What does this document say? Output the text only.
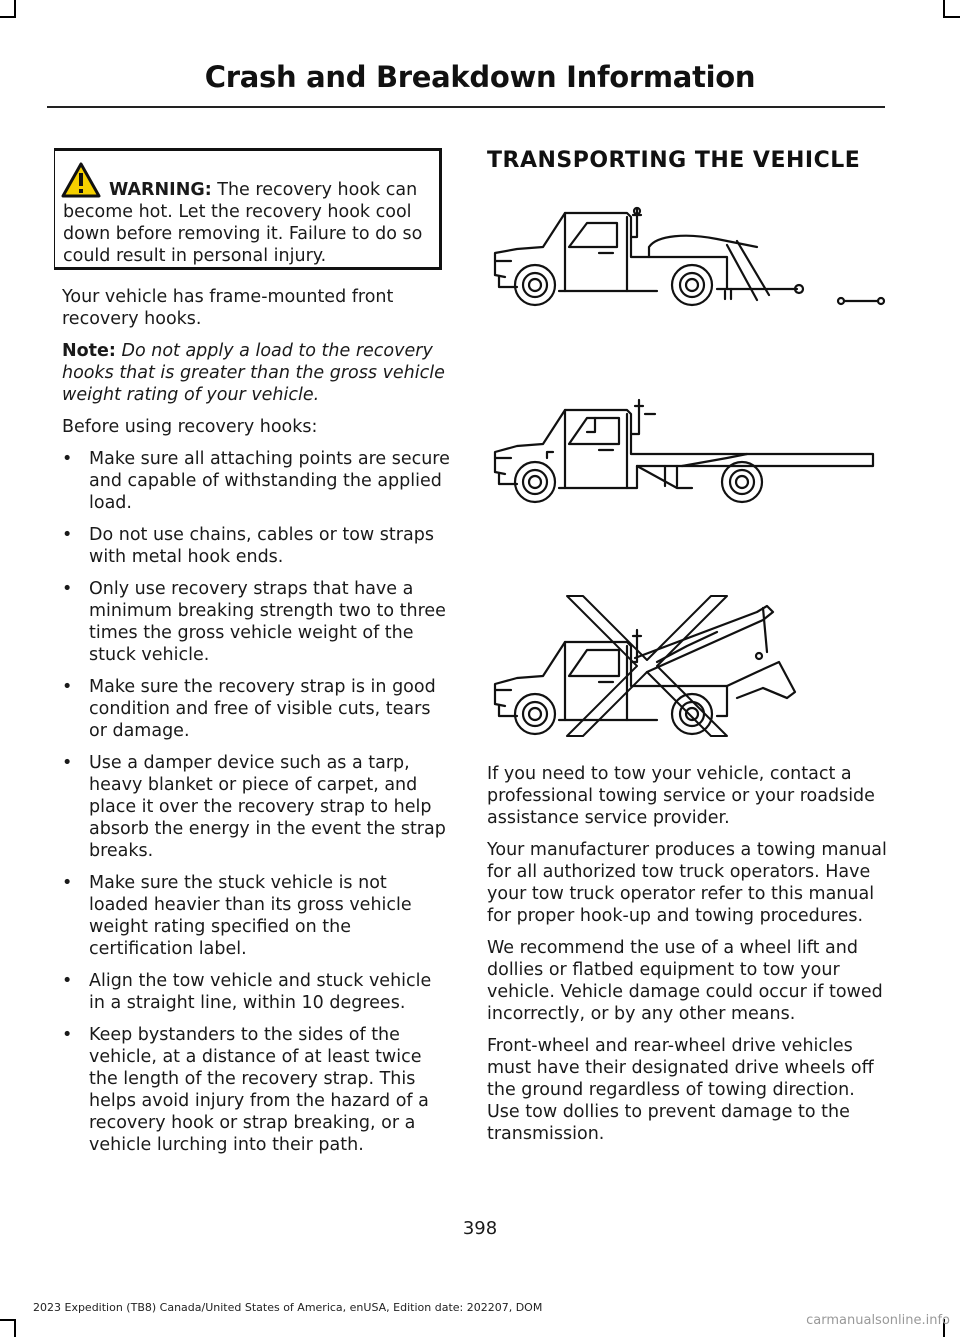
Crash and Breakdown Information

WARNING: The recovery hook can become hot. Let the recovery hook cool down before removing it. Failure to do so could result in personal injury.

Your vehicle has frame-mounted front recovery hooks.

Note: Do not apply a load to the recovery hooks that is greater than the gross vehicle weight rating of your vehicle.

Before using recovery hooks:

• Make sure all attaching points are secure and capable of withstanding the applied load.
• Do not use chains, cables or tow straps with metal hook ends.
• Only use recovery straps that have a minimum breaking strength two to three times the gross vehicle weight of the stuck vehicle.
• Make sure the recovery strap is in good condition and free of visible cuts, tears or damage.
• Use a damper device such as a tarp, heavy blanket or piece of carpet, and place it over the recovery strap to help absorb the energy in the event the strap breaks.
• Make sure the stuck vehicle is not loaded heavier than its gross vehicle weight rating specified on the certification label.
• Align the tow vehicle and stuck vehicle in a straight line, within 10 degrees.
• Keep bystanders to the sides of the vehicle, at a distance of at least twice the length of the recovery strap. This helps avoid injury from the hazard of a recovery hook or strap breaking, or a vehicle lurching into their path.
TRANSPORTING THE VEHICLE

If you need to tow your vehicle, contact a professional towing service or your roadside assistance service provider.

Your manufacturer produces a towing manual for all authorized tow truck operators. Have your tow truck operator refer to this manual for proper hook-up and towing procedures.

We recommend the use of a wheel lift and dollies or flatbed equipment to tow your vehicle. Vehicle damage could occur if towed incorrectly, or by any other means.

Front-wheel and rear-wheel drive vehicles must have their designated drive wheels off the ground regardless of towing direction. Use tow dollies to prevent damage to the transmission.

398
2023 Expedition (TB8) Canada/United States of America, enUSA, Edition date: 202207, DOM
carmanualsonline.info
